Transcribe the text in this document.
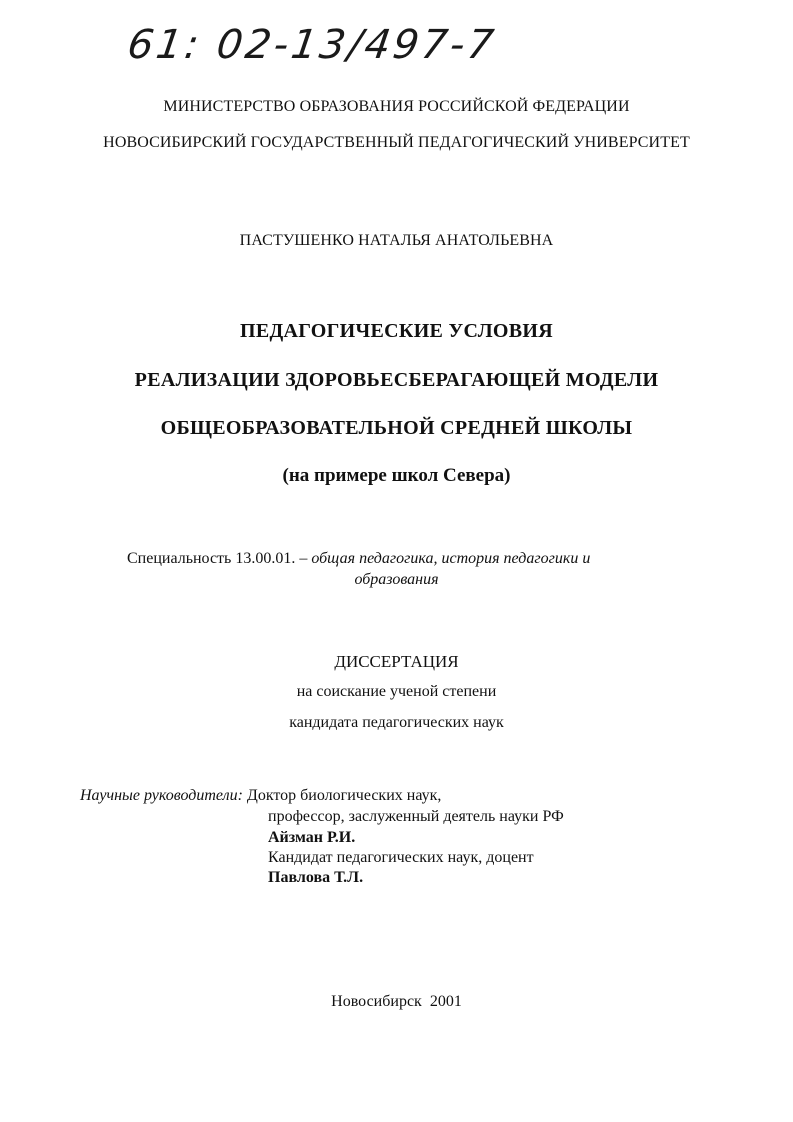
61: 02-13/497-7
МИНИСТЕРСТВО ОБРАЗОВАНИЯ РОССИЙСКОЙ ФЕДЕРАЦИИ
НОВОСИБИРСКИЙ ГОСУДАРСТВЕННЫЙ ПЕДАГОГИЧЕСКИЙ УНИВЕРСИТЕТ
ПАСТУШЕНКО НАТАЛЬЯ АНАТОЛЬЕВНА
ПЕДАГОГИЧЕСКИЕ УСЛОВИЯ
РЕАЛИЗАЦИИ ЗДОРОВЬЕСБЕРАГАЮЩЕЙ МОДЕЛИ
ОБЩЕОБРАЗОВАТЕЛЬНОЙ СРЕДНЕЙ ШКОЛЫ
(на примере школ Севера)
Специальность 13.00.01. – общая педагогика, история педагогики и
образования
ДИССЕРТАЦИЯ
на соискание ученой степени
кандидата педагогических наук
Научные руководители: Доктор биологических наук,
профессор, заслуженный деятель науки РФ
Айзман Р.И.
Кандидат педагогических наук, доцент
Павлова Т.Л.
Новосибирск 2001
